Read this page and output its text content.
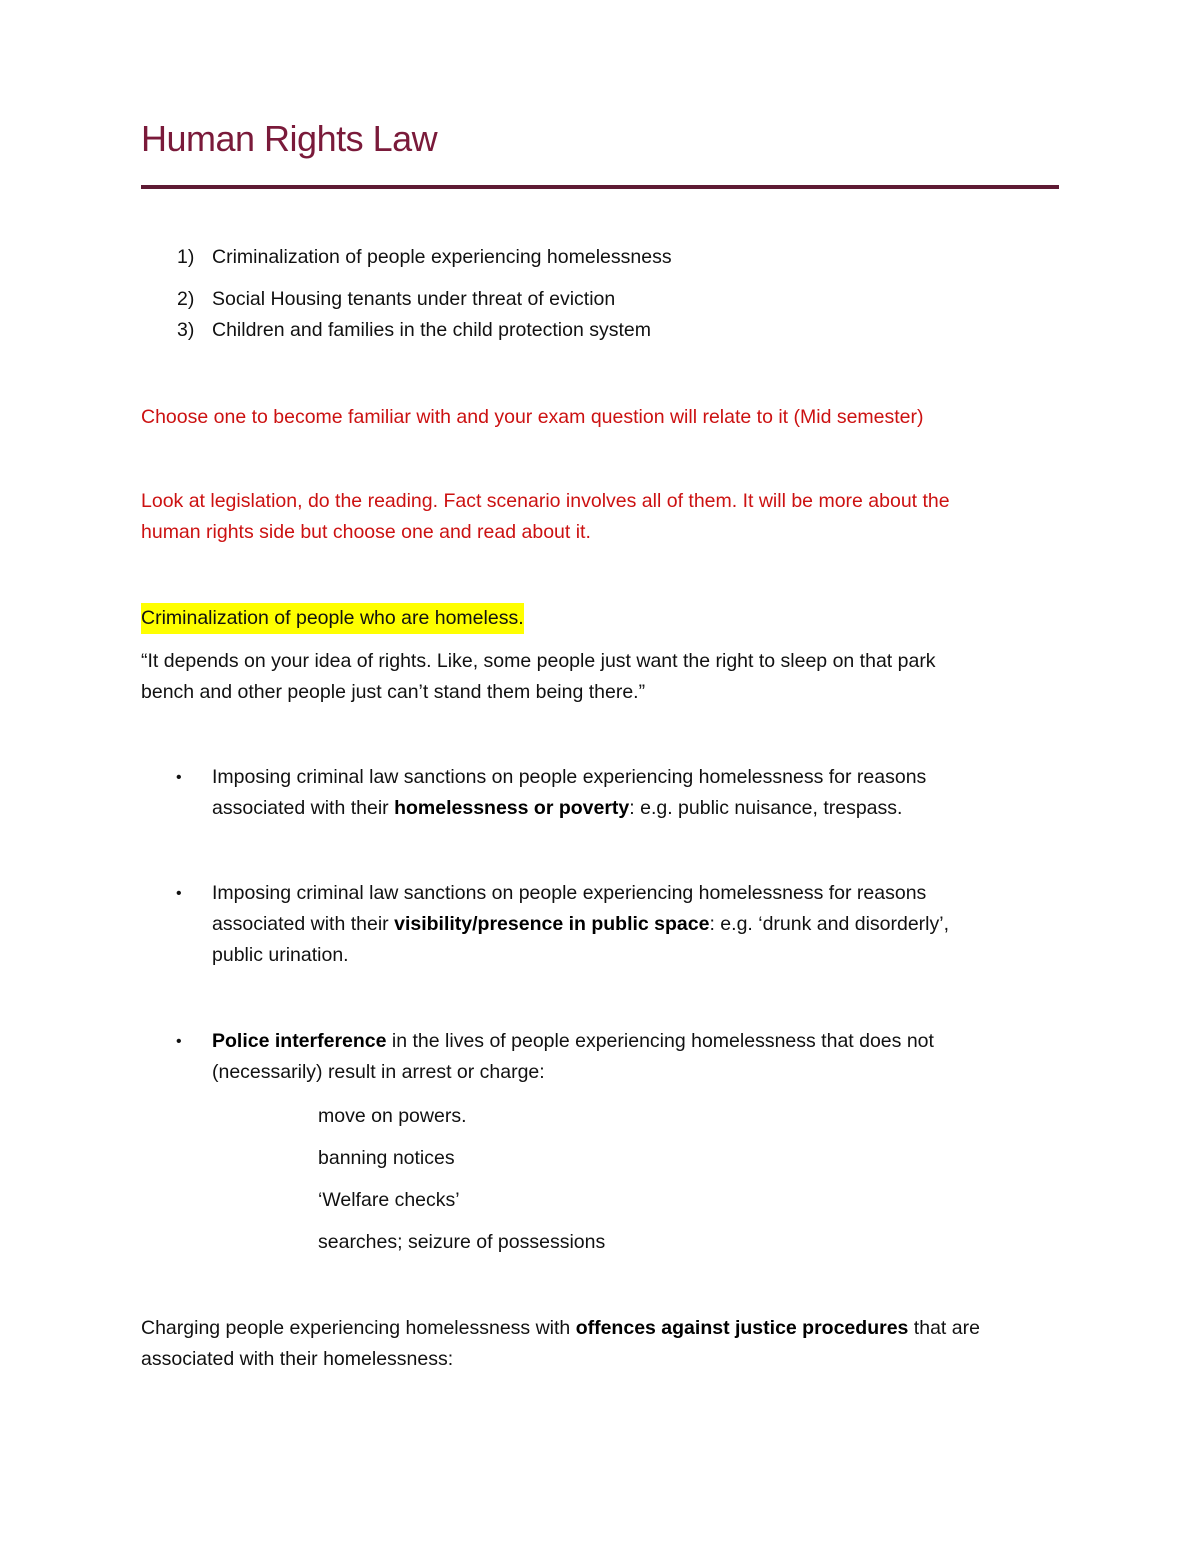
Human Rights Law
1) Criminalization of people experiencing homelessness
2) Social Housing tenants under threat of eviction
3) Children and families in the child protection system
Choose one to become familiar with and your exam question will relate to it (Mid semester)
Look at legislation, do the reading. Fact scenario involves all of them. It will be more about the
human rights side but choose one and read about it.
Criminalization of people who are homeless.
“It depends on your idea of rights. Like, some people just want the right to sleep on that park
bench and other people just can’t stand them being there.”
• Imposing criminal law sanctions on people experiencing homelessness for reasons
associated with their homelessness or poverty: e.g. public nuisance, trespass.
• Imposing criminal law sanctions on people experiencing homelessness for reasons
associated with their visibility/presence in public space: e.g. ‘drunk and disorderly’,
public urination.
• Police interference in the lives of people experiencing homelessness that does not
(necessarily) result in arrest or charge:
move on powers.
banning notices
‘Welfare checks’
searches; seizure of possessions
Charging people experiencing homelessness with offences against justice procedures that are
associated with their homelessness:
